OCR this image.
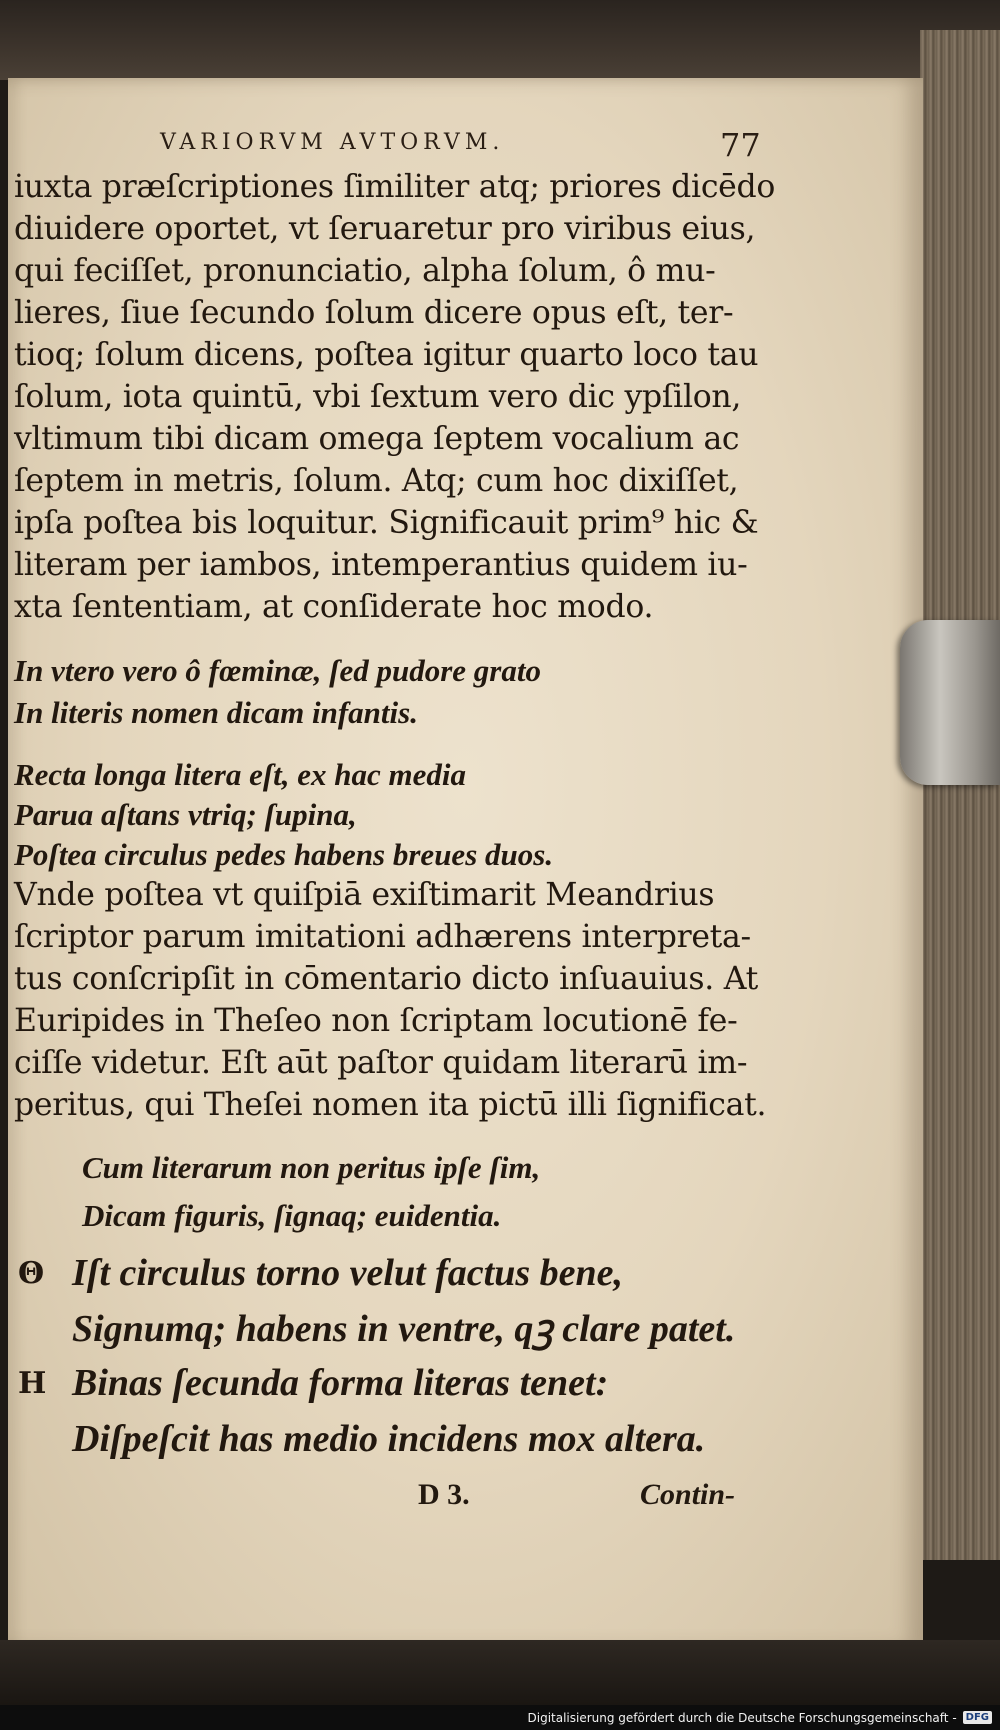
VARIORVM AVTORVM.	77
iuxta præſcriptiones ſimiliter atq; priores dicēdo
diuidere oportet, vt ſeruaretur pro viribus eius,
qui feciſſet, pronunciatio, alpha ſolum, ô mu-
lieres, ſiue ſecundo ſolum dicere opus eſt, ter-
tioq; ſolum dicens, poſtea igitur quarto loco tau
ſolum, iota quintū, vbi ſextum vero dic ypſilon,
vltimum tibi dicam omega ſeptem vocalium ac
ſeptem in metris, ſolum. Atq; cum hoc dixiſſet,
ipſa poſtea bis loquitur. Significauit prim⁹ hic &
literam per iambos, intemperantius quidem iu-
xta ſententiam, at conſiderate hoc modo.
In vtero vero ô fœminæ, ſed pudore grato
In literis nomen dicam infantis.
Recta longa litera eſt, ex hac media
Parua aſtans vtriq; ſupina,
Poſtea circulus pedes habens breues duos.
Vnde poſtea vt quiſpiā exiſtimarit Meandrius
ſcriptor parum imitationi adhærens interpreta-
tus conſcripſit in cōmentario dicto inſuauius. At
Euripides in Theſeo non ſcriptam locutionē fe-
ciſſe videtur. Eſt aūt paſtor quidam literarū im-
peritus, qui Theſei nomen ita pictū illi ſignificat.
Cum literarum non peritus ipſe ſim,
Dicam figuris, ſignaq; euidentia.
Θ Iſt circulus torno velut factus bene,
Signumq; habens in ventre, qꝫ clare patet.
H Binas ſecunda forma literas tenet:
Diſpeſcit has medio incidens mox altera.
D 3.	Contin-
Digitalisierung gefördert durch die Deutsche Forschungsgemeinschaft - DFG
